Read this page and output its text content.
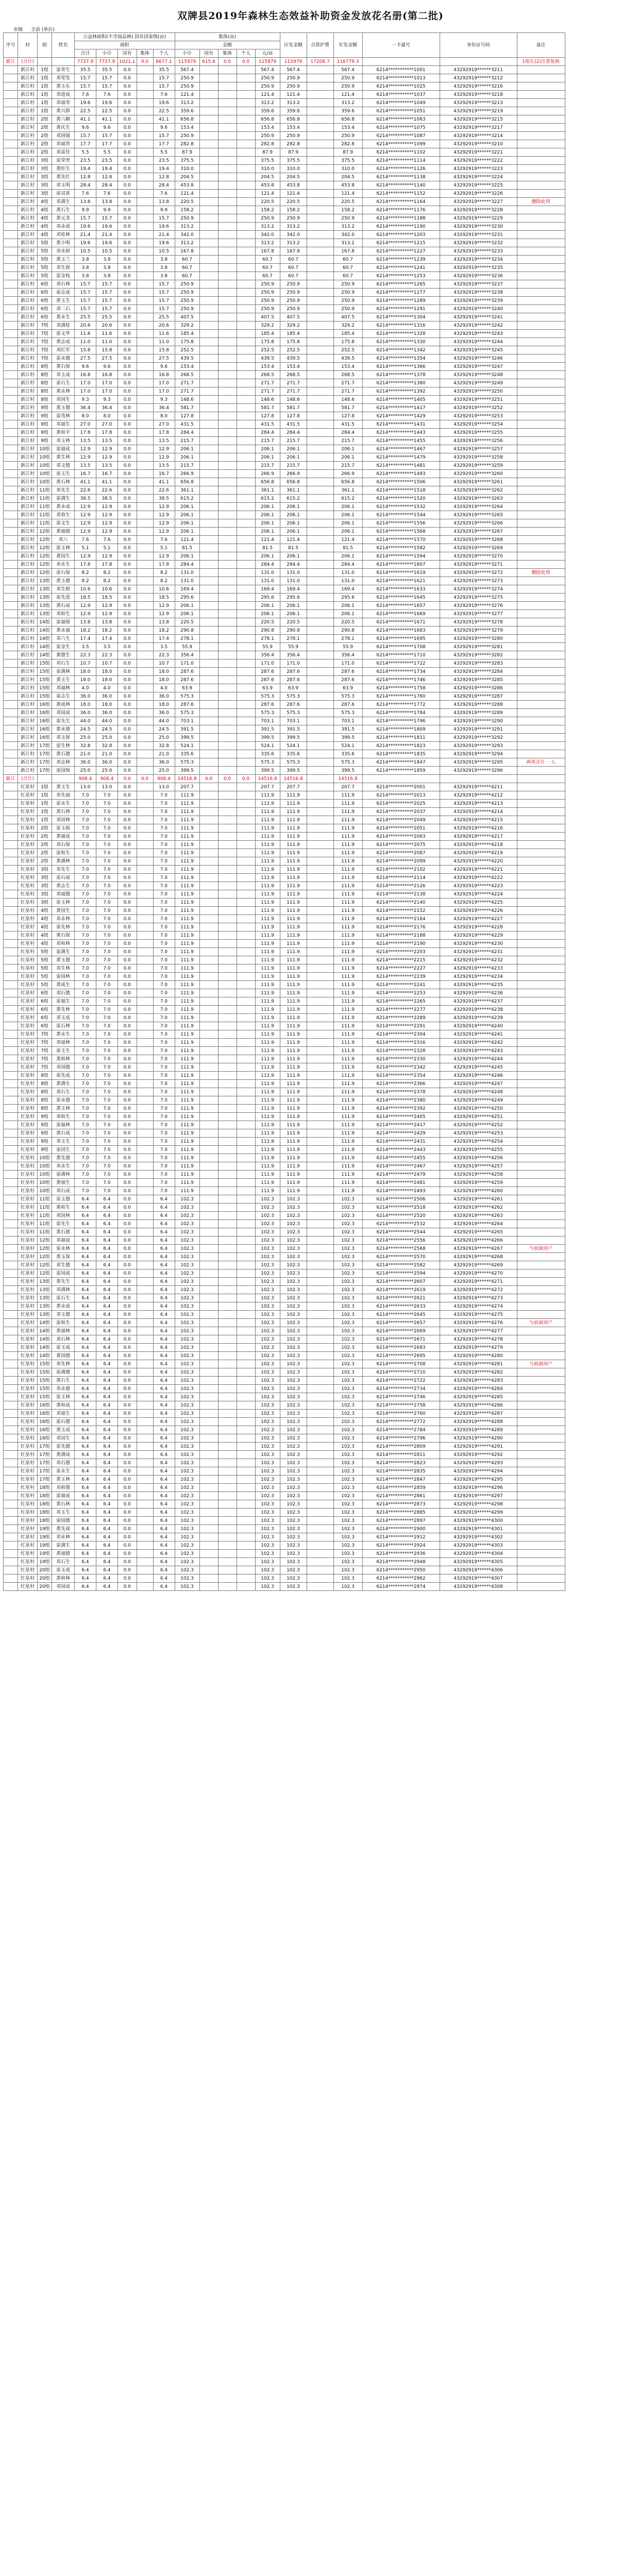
双牌县2019年森林生态效益补助资金发放花名册(第二批)
乡镇 全县 (单位)
序号	村	组	姓名	公益林面积(不含商品林) 国有国家级(亩)					集体(亩)					应发金额	合管护费	实发金额	一卡通号	身份证号码	备注
				面积					金额										
				合计	小计	国有	集体	个人	小计	国有	集体	个人	元/亩						
新江	(合计)			7727.9	7727.9	1021.1	0.0	6677.1	115979	615.6	0.0	0.0	115979	115979	17208.7	116779.3			1组长(2)注意复核
	新江村	1组	雷青生	35.5	35.5	0.0		35.5	567.4				567.4	567.4		567.4	6214***********1001	43292919******3211	
	新江村	1组	邓荣发	15.7	15.7	0.0		15.7	250.9				250.9	250.9		250.9	6214***********1013	43292919******3212	
	新江村	1组	黄玉乐	15.7	15.7	0.0		15.7	250.9				250.9	250.9		250.9	6214***********1025	43292919******3216	
	新江村	1组	邓进成	7.6	7.6	0.0		7.6	121.4				121.4	121.4		121.4	6214***********1037	43292919******3218	
	新江村	1组	邓福寿	19.6	19.6	0.0		19.6	313.2				313.2	313.2		313.2	6214***********1049	43292919******3213	
	新江村	1组	黄兴群	22.5	22.5	0.0		22.5	359.6				359.6	359.6		359.6	6214***********1051	43292919******3219	
	新江村	2组	黄六顺	41.1	41.1	0.0		41.1	656.8				656.8	656.8		656.8	6214***********1063	43292919******3215	
	新江村	2组	黄庆生	9.6	9.6	0.0		9.6	153.4				153.4	153.4		153.4	6214***********1075	43292919******3217	
	新江村	2组	邓国强	15.7	15.7	0.0		15.7	250.9				250.9	250.9		250.9	6214***********1087	43292919******3214	
	新江村	2组	邓福贵	17.7	17.7	0.0		17.7	282.8				282.8	282.8		282.8	6214***********1099	43292919******3210	
	新江村	2组	邓雷佳	5.5	5.5	0.0		5.5	87.9				87.9	87.9		87.9	6214***********1102	43292919******3221	
	新江村	3组	雷荣贵	23.5	23.5	0.0		23.5	375.5				375.5	375.5		375.5	6214***********1114	43292919******3222	
	新江村	3组	黄旺生	19.4	19.4	0.0		19.4	310.0				310.0	310.0		310.0	6214***********1126	43292919******3223	
	新江村	3组	黄先红	12.8	12.8	0.0		12.8	204.5				204.5	204.5		204.5	6214***********1138	43292919******3224	
	新江村	3组	邓玉明	28.4	28.4	0.0		28.4	453.8				453.8	453.8		453.8	6214***********1140	43292919******3225	
	新江村	3组	雷双喜	7.6	7.6	0.0		7.6	121.4				121.4	121.4		121.4	6214***********1152	43292919******3226	
	新江村	4组	邓满生	13.8	13.8	0.0		13.8	220.5				220.5	220.5		220.5	6214***********1164	43292919******3227	删除此项
	新江村	4组	黄石生	9.9	9.9	0.0		9.9	158.2				158.2	158.2		158.2	6214***********1176	43292919******3228	
	新江村	4组	黄元龙	15.7	15.7	0.0		15.7	250.9				250.9	250.9		250.9	6214***********1188	43292919******3229	
	新江村	4组	邓永成	19.6	19.6	0.0		19.6	313.2				313.2	313.2		313.2	6214***********1190	43292919******3230	
	新江村	4组	邓桂林	21.4	21.4	0.0		21.4	342.0				342.0	342.0		342.0	6214***********1203	43292919******3231	
	新江村	5组	黄小明	19.6	19.6	0.0		19.6	313.2				313.2	313.2		313.2	6214***********1215	43292919******3232	
	新江村	5组	邓永财	10.5	10.5	0.0		10.5	167.8				167.8	167.8		167.8	6214***********1227	43292919******3233	
	新江村	5组	黄玉兰	3.8	3.8	0.0		3.8	60.7				60.7	60.7		60.7	6214***********1239	43292919******3234	
	新江村	5组	邓生保	3.8	3.8	0.0		3.8	60.7				60.7	60.7		60.7	6214***********1241	43292919******3235	
	新江村	5组	雷金枝	3.8	3.8	0.0		3.8	60.7				60.7	60.7		60.7	6214***********1253	43292919******3236	
	新江村	6组	邓石林	15.7	15.7	0.0		15.7	250.9				250.9	250.9		250.9	6214***********1265	43292919******3237	
	新江村	6组	雷志成	15.7	15.7	0.0		15.7	250.9				250.9	250.9		250.9	6214***********1277	43292919******3238	
	新江村	6组	黄玉生	15.7	15.7	0.0		15.7	250.9				250.9	250.9		250.9	6214***********1289	43292919******3239	
	新江村	6组	邓二石	15.7	15.7	0.0		15.7	250.9				250.9	250.9		250.9	6214***********1291	43292919******3240	
	新江村	6组	黄永生	25.5	25.5	0.0		25.5	407.5				407.5	407.5		407.5	6214***********1304	43292919******3241	
	新江村	7组	邓满桂	20.6	20.6	0.0		20.6	329.2				329.2	329.2		329.2	6214***********1316	43292919******3242	
	新江村	7组	雷文华	11.6	11.6	0.0		11.6	185.4				185.4	185.4		185.4	6214***********1328	43292919******3243	
	新江村	7组	黄志成	11.0	11.0	0.0		11.0	175.8				175.8	175.8		175.8	6214***********1330	43292919******3244	
	新江村	7组	邓红军	15.8	15.8	0.0		15.8	252.5				252.5	252.5		252.5	6214***********1342	43292919******3245	
	新江村	7组	雷永德	27.5	27.5	0.0		27.5	439.5				439.5	439.5		439.5	6214***********1354	43292919******3246	
	新江村	8组	黄石保	9.6	9.6	0.0		9.6	153.4				153.4	153.4		153.4	6214***********1366	43292919******3247	
	新江村	8组	邓玉成	16.8	16.8	0.0		16.8	268.5				268.5	268.5		268.5	6214***********1378	43292919******3248	
	新江村	8组	雷石生	17.0	17.0	0.0		17.0	271.7				271.7	271.7		271.7	6214***********1380	43292919******3249	
	新江村	8组	黄永林	17.0	17.0	0.0		17.0	271.7				271.7	271.7		271.7	6214***********1392	43292919******3250	
	新江村	8组	邓国生	9.3	9.3	0.0		9.3	148.6				148.6	148.6		148.6	6214***********1405	43292919******3251	
	新江村	9组	黄玉德	36.4	36.4	0.0		36.4	581.7				581.7	581.7		581.7	6214***********1417	43292919******3252	
	新江村	9组	雷茂林	8.0	8.0	0.0		8.0	127.8				127.8	127.8		127.8	6214***********1429	43292919******3253	
	新江村	9组	邓福生	27.0	27.0	0.0		27.0	431.5				431.5	431.5		431.5	6214***********1431	43292919******3254	
	新江村	9组	黄和平	17.8	17.8	0.0		17.8	284.4				284.4	284.4		284.4	6214***********1443	43292919******3255	
	新江村	9组	邓玉林	13.5	13.5	0.0		13.5	215.7				215.7	215.7		215.7	6214***********1455	43292919******3256	
	新江村	10组	雷福成	12.9	12.9	0.0		12.9	206.1				206.1	206.1		206.1	6214***********1467	43292919******3257	
	新江村	10组	黄生林	12.9	12.9	0.0		12.9	206.1				206.1	206.1		206.1	6214***********1479	43292919******3258	
	新江村	10组	邓文德	13.5	13.5	0.0		13.5	215.7				215.7	215.7		215.7	6214***********1481	43292919******3259	
	新江村	10组	雷玉生	16.7	16.7	0.0		16.7	266.9				266.9	266.9		266.9	6214***********1493	43292919******3260	
	新江村	10组	黄石林	41.1	41.1	0.0		41.1	656.8				656.8	656.8		656.8	6214***********1506	43292919******3261	
	新江村	11组	邓先生	22.6	22.6	0.0		22.6	361.1				361.1	361.1		361.1	6214***********1518	43292919******3262	
	新江村	11组	雷满生	38.5	38.5	0.0		38.5	615.2				615.2	615.2		615.2	6214***********1520	43292919******3263	
	新江村	11组	黄永成	12.9	12.9	0.0		12.9	206.1				206.1	206.1		206.1	6214***********1532	43292919******3264	
	新江村	11组	邓春生	12.9	12.9	0.0		12.9	206.1				206.1	206.1		206.1	6214***********1544	43292919******3265	
	新江村	11组	雷文生	12.9	12.9	0.0		12.9	206.1				206.1	206.1		206.1	6214***********1556	43292919******3266	
	新江村	12组	黄福德	12.9	12.9	0.0		12.9	206.1				206.1	206.1		206.1	6214***********1568	43292919******3267	
	新江村	12组	邓八	7.6	7.6	0.0		7.6	121.4				121.4	121.4		121.4	6214***********1570	43292919******3268	
	新江村	12组	雷玉林	5.1	5.1	0.0		5.1	81.5				81.5	81.5		81.5	6214***********1582	43292919******3269	
	新江村	12组	黄国生	12.9	12.9	0.0		12.9	206.1				206.1	206.1		206.1	6214***********1594	43292919******3270	
	新江村	12组	邓水生	17.8	17.8	0.0		17.8	284.4				284.4	284.4		284.4	6214***********1607	43292919******3271	
	新江村	12组	雷石保	8.2	8.2	0.0		8.2	131.0				131.0	131.0		131.0	6214***********1619	43292919******3272	删除此项
	新江村	13组	黄玉德	8.2	8.2	0.0		8.2	131.0				131.0	131.0		131.0	6214***********1621	43292919******3273	
	新江村	13组	邓生财	10.6	10.6	0.0		10.6	169.4				169.4	169.4		169.4	6214***********1633	43292919******3274	
	新江村	13组	雷先进	18.5	18.5	0.0		18.5	295.6				295.6	295.6		295.6	6214***********1645	43292919******3275	
	新江村	13组	黄石成	12.9	12.9	0.0		12.9	206.1				206.1	206.1		206.1	6214***********1657	43292919******3276	
	新江村	13组	邓和生	12.9	12.9	0.0		12.9	206.1				206.1	206.1		206.1	6214***********1669	43292919******3277	
	新江村	14组	雷福保	13.8	13.8	0.0		13.8	220.5				220.5	220.5		220.5	6214***********1671	43292919******3278	
	新江村	14组	黄永福	18.2	18.2	0.0		18.2	290.8				290.8	290.8		290.8	6214***********1683	43292919******3279	
	新江村	14组	邓六生	17.4	17.4	0.0		17.4	278.1				278.1	278.1		278.1	6214***********1695	43292919******3280	
	新江村	14组	雷金生	3.5	3.5	0.0		3.5	55.9				55.9	55.9		55.9	6214***********1708	43292919******3281	
	新江村	14组	黄德生	22.3	22.3	0.0		22.3	356.4				356.4	356.4		356.4	6214***********1710	43292919******3282	
	新江村	15组	邓石生	10.7	10.7	0.0		10.7	171.0				171.0	171.0		171.0	6214***********1722	43292919******3283	
	新江村	15组	雷满林	18.0	18.0	0.0		18.0	287.6				287.6	287.6		287.6	6214***********1734	43292919******3284	
	新江村	15组	黄玉生	18.0	18.0	0.0		18.0	287.6				287.6	287.6		287.6	6214***********1746	43292919******3285	
	新江村	15组	邓福林	4.0	4.0	0.0		4.0	63.9				63.9	63.9		63.9	6214***********1758	43292919******3286	
	新江村	15组	雷志生	36.0	36.0	0.0		36.0	575.3				575.3	575.3		575.3	6214***********1760	43292919******3287	
	新江村	16组	黄成林	18.0	18.0	0.0		18.0	287.6				287.6	287.6		287.6	6214***********1772	43292919******3288	
	新江村	16组	邓国成	36.0	36.0	0.0		36.0	575.3				575.3	575.3		575.3	6214***********1784	43292919******3289	
	新江村	16组	雷先生	44.0	44.0	0.0		44.0	703.1				703.1	703.1		703.1	6214***********1796	43292919******3290	
	新江村	16组	黄永德	24.5	24.5	0.0		24.5	391.5				391.5	391.5		391.5	6214***********1809	43292919******3291	
	新江村	16组	邓玉保	25.0	25.0	0.0		25.0	399.5				399.5	399.5		399.5	6214***********1811	43292919******3292	
	新江村	17组	雷生林	32.8	32.8	0.0		32.8	524.1				524.1	524.1		524.1	6214***********1823	43292919******3293	
	新江村	17组	黄石德	21.0	21.0	0.0		21.0	335.6				335.6	335.6		335.6	6214***********1835	43292919******3294	
	新江村	17组	邓志林	36.0	36.0	0.0		36.0	575.3				575.3	575.3		575.3	6214***********1847	43292919******3295	两项合计 一人
	新江村	17组	雷国保	25.0	25.0	0.0		25.0	399.5				399.5	399.5		399.5	6214***********1859	43292919******3296	
新江	(合计)			908.4	908.4	0.0	0.0	908.4	14516.8	0.0	0.0	0.0	14516.8	14516.8		14516.8			
	红星村	1组	黄玉生	13.0	13.0	0.0		13.0	207.7				207.7	207.7		207.7	6214***********2001	43292919******4211	
	红星村	1组	邓先福	7.0	7.0	0.0		7.0	111.9				111.9	111.9		111.9	6214***********2013	43292919******4212	
	红星村	1组	雷永生	7.0	7.0	0.0		7.0	111.9				111.9	111.9		111.9	6214***********2025	43292919******4213	
	红星村	1组	黄石林	7.0	7.0	0.0		7.0	111.9				111.9	111.9		111.9	6214***********2037	43292919******4214	
	红星村	1组	邓国林	7.0	7.0	0.0		7.0	111.9				111.9	111.9		111.9	6214***********2049	43292919******4215	
	红星村	2组	雷玉保	7.0	7.0	0.0		7.0	111.9				111.9	111.9		111.9	6214***********2051	43292919******4216	
	红星村	2组	黄福成	7.0	7.0	0.0		7.0	111.9				111.9	111.9		111.9	6214***********2063	43292919******4217	
	红星村	2组	邓石保	7.0	7.0	0.0		7.0	111.9				111.9	111.9		111.9	6214***********2075	43292919******4218	
	红星村	2组	雷和生	7.0	7.0	0.0		7.0	111.9				111.9	111.9		111.9	6214***********2087	43292919******4219	
	红星村	2组	黄满林	7.0	7.0	0.0		7.0	111.9				111.9	111.9		111.9	6214***********2099	43292919******4220	
	红星村	3组	邓先生	7.0	7.0	0.0		7.0	111.9				111.9	111.9		111.9	6214***********2102	43292919******4221	
	红星村	3组	雷石成	7.0	7.0	0.0		7.0	111.9				111.9	111.9		111.9	6214***********2114	43292919******4222	
	红星村	3组	黄志生	7.0	7.0	0.0		7.0	111.9				111.9	111.9		111.9	6214***********2126	43292919******4223	
	红星村	3组	邓福德	7.0	7.0	0.0		7.0	111.9				111.9	111.9		111.9	6214***********2138	43292919******4224	
	红星村	3组	雷玉林	7.0	7.0	0.0		7.0	111.9				111.9	111.9		111.9	6214***********2140	43292919******4225	
	红星村	4组	黄国生	7.0	7.0	0.0		7.0	111.9				111.9	111.9		111.9	6214***********2152	43292919******4226	
	红星村	4组	邓永林	7.0	7.0	0.0		7.0	111.9				111.9	111.9		111.9	6214***********2164	43292919******4227	
	红星村	4组	雷先林	7.0	7.0	0.0		7.0	111.9				111.9	111.9		111.9	6214***********2176	43292919******4228	
	红星村	4组	黄石保	7.0	7.0	0.0		7.0	111.9				111.9	111.9		111.9	6214***********2188	43292919******4229	
	红星村	4组	邓和林	7.0	7.0	0.0		7.0	111.9				111.9	111.9		111.9	6214***********2190	43292919******4230	
	红星村	5组	雷满生	7.0	7.0	0.0		7.0	111.9				111.9	111.9		111.9	6214***********2203	43292919******4231	
	红星村	5组	黄玉德	7.0	7.0	0.0		7.0	111.9				111.9	111.9		111.9	6214***********2215	43292919******4232	
	红星村	5组	邓生林	7.0	7.0	0.0		7.0	111.9				111.9	111.9		111.9	6214***********2227	43292919******4233	
	红星村	5组	雷国林	7.0	7.0	0.0		7.0	111.9				111.9	111.9		111.9	6214***********2239	43292919******4234	
	红星村	5组	黄成生	7.0	7.0	0.0		7.0	111.9				111.9	111.9		111.9	6214***********2241	43292919******4235	
	红星村	6组	邓石德	7.0	7.0	0.0		7.0	111.9				111.9	111.9		111.9	6214***********2253	43292919******4236	
	红星村	6组	雷福生	7.0	7.0	0.0		7.0	111.9				111.9	111.9		111.9	6214***********2265	43292919******4237	
	红星村	6组	黄先林	7.0	7.0	0.0		7.0	111.9				111.9	111.9		111.9	6214***********2277	43292919******4238	
	红星村	6组	邓玉成	7.0	7.0	0.0		7.0	111.9				111.9	111.9		111.9	6214***********2289	43292919******4239	
	红星村	6组	雷石林	7.0	7.0	0.0		7.0	111.9				111.9	111.9		111.9	6214***********2291	43292919******4240	
	红星村	7组	黄永生	7.0	7.0	0.0		7.0	111.9				111.9	111.9		111.9	6214***********2304	43292919******4241	
	红星村	7组	邓福林	7.0	7.0	0.0		7.0	111.9				111.9	111.9		111.9	6214***********2316	43292919******4242	
	红星村	7组	雷玉生	7.0	7.0	0.0		7.0	111.9				111.9	111.9		111.9	6214***********2328	43292919******4243	
	红星村	7组	黄和林	7.0	7.0	0.0		7.0	111.9				111.9	111.9		111.9	6214***********2330	43292919******4244	
	红星村	7组	邓国德	7.0	7.0	0.0		7.0	111.9				111.9	111.9		111.9	6214***********2342	43292919******4245	
	红星村	8组	雷先成	7.0	7.0	0.0		7.0	111.9				111.9	111.9		111.9	6214***********2354	43292919******4246	
	红星村	8组	黄满生	7.0	7.0	0.0		7.0	111.9				111.9	111.9		111.9	6214***********2366	43292919******4247	
	红星村	8组	邓石生	7.0	7.0	0.0		7.0	111.9				111.9	111.9		111.9	6214***********2378	43292919******4248	
	红星村	8组	雷永德	7.0	7.0	0.0		7.0	111.9				111.9	111.9		111.9	6214***********2380	43292919******4249	
	红星村	8组	黄玉林	7.0	7.0	0.0		7.0	111.9				111.9	111.9		111.9	6214***********2392	43292919******4250	
	红星村	9组	邓和生	7.0	7.0	0.0		7.0	111.9				111.9	111.9		111.9	6214***********2405	43292919******4251	
	红星村	9组	雷福林	7.0	7.0	0.0		7.0	111.9				111.9	111.9		111.9	6214***********2417	43292919******4252	
	红星村	9组	黄石成	7.0	7.0	0.0		7.0	111.9				111.9	111.9		111.9	6214***********2429	43292919******4253	
	红星村	9组	邓玉生	7.0	7.0	0.0		7.0	111.9				111.9	111.9		111.9	6214***********2431	43292919******4254	
	红星村	9组	雷国生	7.0	7.0	0.0		7.0	111.9				111.9	111.9		111.9	6214***********2443	43292919******4255	
	红星村	10组	黄先德	7.0	7.0	0.0		7.0	111.9				111.9	111.9		111.9	6214***********2455	43292919******4256	
	红星村	10组	邓永生	7.0	7.0	0.0		7.0	111.9				111.9	111.9		111.9	6214***********2467	43292919******4257	
	红星村	10组	雷满林	7.0	7.0	0.0		7.0	111.9				111.9	111.9		111.9	6214***********2479	43292919******4258	
	红星村	10组	黄福生	7.0	7.0	0.0		7.0	111.9				111.9	111.9		111.9	6214***********2481	43292919******4259	
	红星村	10组	邓石成	7.0	7.0	0.0		7.0	111.9				111.9	111.9		111.9	6214***********2493	43292919******4260	
	红星村	11组	雷玉德	6.4	6.4	0.0		6.4	102.3				102.3	102.3		102.3	6214***********2506	43292919******4261	
	红星村	11组	黄和生	6.4	6.4	0.0		6.4	102.3				102.3	102.3		102.3	6214***********2518	43292919******4262	
	红星村	11组	邓国林	6.4	6.4	0.0		6.4	102.3				102.3	102.3		102.3	6214***********2520	43292919******4263	
	红星村	11组	雷先生	6.4	6.4	0.0		6.4	102.3				102.3	102.3		102.3	6214***********2532	43292919******4264	
	红星村	11组	黄石德	6.4	6.4	0.0		6.4	102.3				102.3	102.3		102.3	6214***********2544	43292919******4265	
	红星村	12组	邓福成	6.4	6.4	0.0		6.4	102.3				102.3	102.3		102.3	6214***********2556	43292919******4266	
	红星村	12组	雷永林	6.4	6.4	0.0		6.4	102.3				102.3	102.3		102.3	6214***********2568	43292919******4267	与前面同户
	红星村	12组	黄玉保	6.4	6.4	0.0		6.4	102.3				102.3	102.3		102.3	6214***********2570	43292919******4268	
	红星村	12组	邓生德	6.4	6.4	0.0		6.4	102.3				102.3	102.3		102.3	6214***********2582	43292919******4269	
	红星村	12组	雷国成	6.4	6.4	0.0		6.4	102.3				102.3	102.3		102.3	6214***********2594	43292919******4270	
	红星村	13组	黄先生	6.4	6.4	0.0		6.4	102.3				102.3	102.3		102.3	6214***********2607	43292919******4271	
	红星村	13组	邓满林	6.4	6.4	0.0		6.4	102.3				102.3	102.3		102.3	6214***********2619	43292919******4272	
	红星村	13组	雷石生	6.4	6.4	0.0		6.4	102.3				102.3	102.3		102.3	6214***********2621	43292919******4273	
	红星村	13组	黄永成	6.4	6.4	0.0		6.4	102.3				102.3	102.3		102.3	6214***********2633	43292919******4274	
	红星村	13组	邓玉德	6.4	6.4	0.0		6.4	102.3				102.3	102.3		102.3	6214***********2645	43292919******4275	
	红星村	14组	雷和生	6.4	6.4	0.0		6.4	102.3				102.3	102.3		102.3	6214***********2657	43292919******4276	与前面同户
	红星村	14组	黄福林	6.4	6.4	0.0		6.4	102.3				102.3	102.3		102.3	6214***********2669	43292919******4277	
	红星村	14组	邓石林	6.4	6.4	0.0		6.4	102.3				102.3	102.3		102.3	6214***********2671	43292919******4278	
	红星村	14组	雷玉成	6.4	6.4	0.0		6.4	102.3				102.3	102.3		102.3	6214***********2683	43292919******4279	
	红星村	14组	黄国德	6.4	6.4	0.0		6.4	102.3				102.3	102.3		102.3	6214***********2695	43292919******4280	
	红星村	15组	邓先林	6.4	6.4	0.0		6.4	102.3				102.3	102.3		102.3	6214***********2708	43292919******4281	与前面同户
	红星村	15组	雷满德	6.4	6.4	0.0		6.4	102.3				102.3	102.3		102.3	6214***********2710	43292919******4282	
	红星村	15组	黄石生	6.4	6.4	0.0		6.4	102.3				102.3	102.3		102.3	6214***********2722	43292919******4283	
	红星村	15组	邓永德	6.4	6.4	0.0		6.4	102.3				102.3	102.3		102.3	6214***********2734	43292919******4284	
	红星村	15组	雷玉林	6.4	6.4	0.0		6.4	102.3				102.3	102.3		102.3	6214***********2746	43292919******4285	
	红星村	16组	黄和成	6.4	6.4	0.0		6.4	102.3				102.3	102.3		102.3	6214***********2758	43292919******4286	
	红星村	16组	邓福生	6.4	6.4	0.0		6.4	102.3				102.3	102.3		102.3	6214***********2760	43292919******4287	
	红星村	16组	雷石德	6.4	6.4	0.0		6.4	102.3				102.3	102.3		102.3	6214***********2772	43292919******4288	
	红星村	16组	黄玉成	6.4	6.4	0.0		6.4	102.3				102.3	102.3		102.3	6214***********2784	43292919******4289	
	红星村	16组	邓国生	6.4	6.4	0.0		6.4	102.3				102.3	102.3		102.3	6214***********2796	43292919******4290	
	红星村	17组	雷先德	6.4	6.4	0.0		6.4	102.3				102.3	102.3		102.3	6214***********2809	43292919******4291	
	红星村	17组	黄满成	6.4	6.4	0.0		6.4	102.3				102.3	102.3		102.3	6214***********2811	43292919******4292	
	红星村	17组	邓石德	6.4	6.4	0.0		6.4	102.3				102.3	102.3		102.3	6214***********2823	43292919******4293	
	红星村	17组	雷永生	6.4	6.4	0.0		6.4	102.3				102.3	102.3		102.3	6214***********2835	43292919******4294	
	红星村	17组	黄玉林	6.4	6.4	0.0		6.4	102.3				102.3	102.3		102.3	6214***********2847	43292919******4295	
	红星村	18组	邓和德	6.4	6.4	0.0		6.4	102.3				102.3	102.3		102.3	6214***********2859	43292919******4296	
	红星村	18组	雷福成	6.4	6.4	0.0		6.4	102.3				102.3	102.3		102.3	6214***********2861	43292919******4297	
	红星村	18组	黄石林	6.4	6.4	0.0		6.4	102.3				102.3	102.3		102.3	6214***********2873	43292919******4298	
	红星村	18组	邓玉生	6.4	6.4	0.0		6.4	102.3				102.3	102.3		102.3	6214***********2885	43292919******4299	
	红星村	18组	雷国德	6.4	6.4	0.0		6.4	102.3				102.3	102.3		102.3	6214***********2897	43292919******4300	
	红星村	19组	黄先成	6.4	6.4	0.0		6.4	102.3				102.3	102.3		102.3	6214***********2900	43292919******4301	
	红星村	19组	邓永林	6.4	6.4	0.0		6.4	102.3				102.3	102.3		102.3	6214***********2912	43292919******4302	
	红星村	19组	雷满生	6.4	6.4	0.0		6.4	102.3				102.3	102.3		102.3	6214***********2924	43292919******4303	
	红星村	19组	黄福德	6.4	6.4	0.0		6.4	102.3				102.3	102.3		102.3	6214***********2936	43292919******4304	
	红星村	19组	邓石生	6.4	6.4	0.0		6.4	102.3				102.3	102.3		102.3	6214***********2948	43292919******4305	
	红星村	20组	雷玉成	6.4	6.4	0.0		6.4	102.3				102.3	102.3		102.3	6214***********2950	43292919******4306	
	红星村	20组	黄和林	6.4	6.4	0.0		6.4	102.3				102.3	102.3		102.3	6214***********2962	43292919******4307	
	红星村	20组	邓国成	6.4	6.4	0.0		6.4	102.3				102.3	102.3		102.3	6214***********2974	43292919******4308	
